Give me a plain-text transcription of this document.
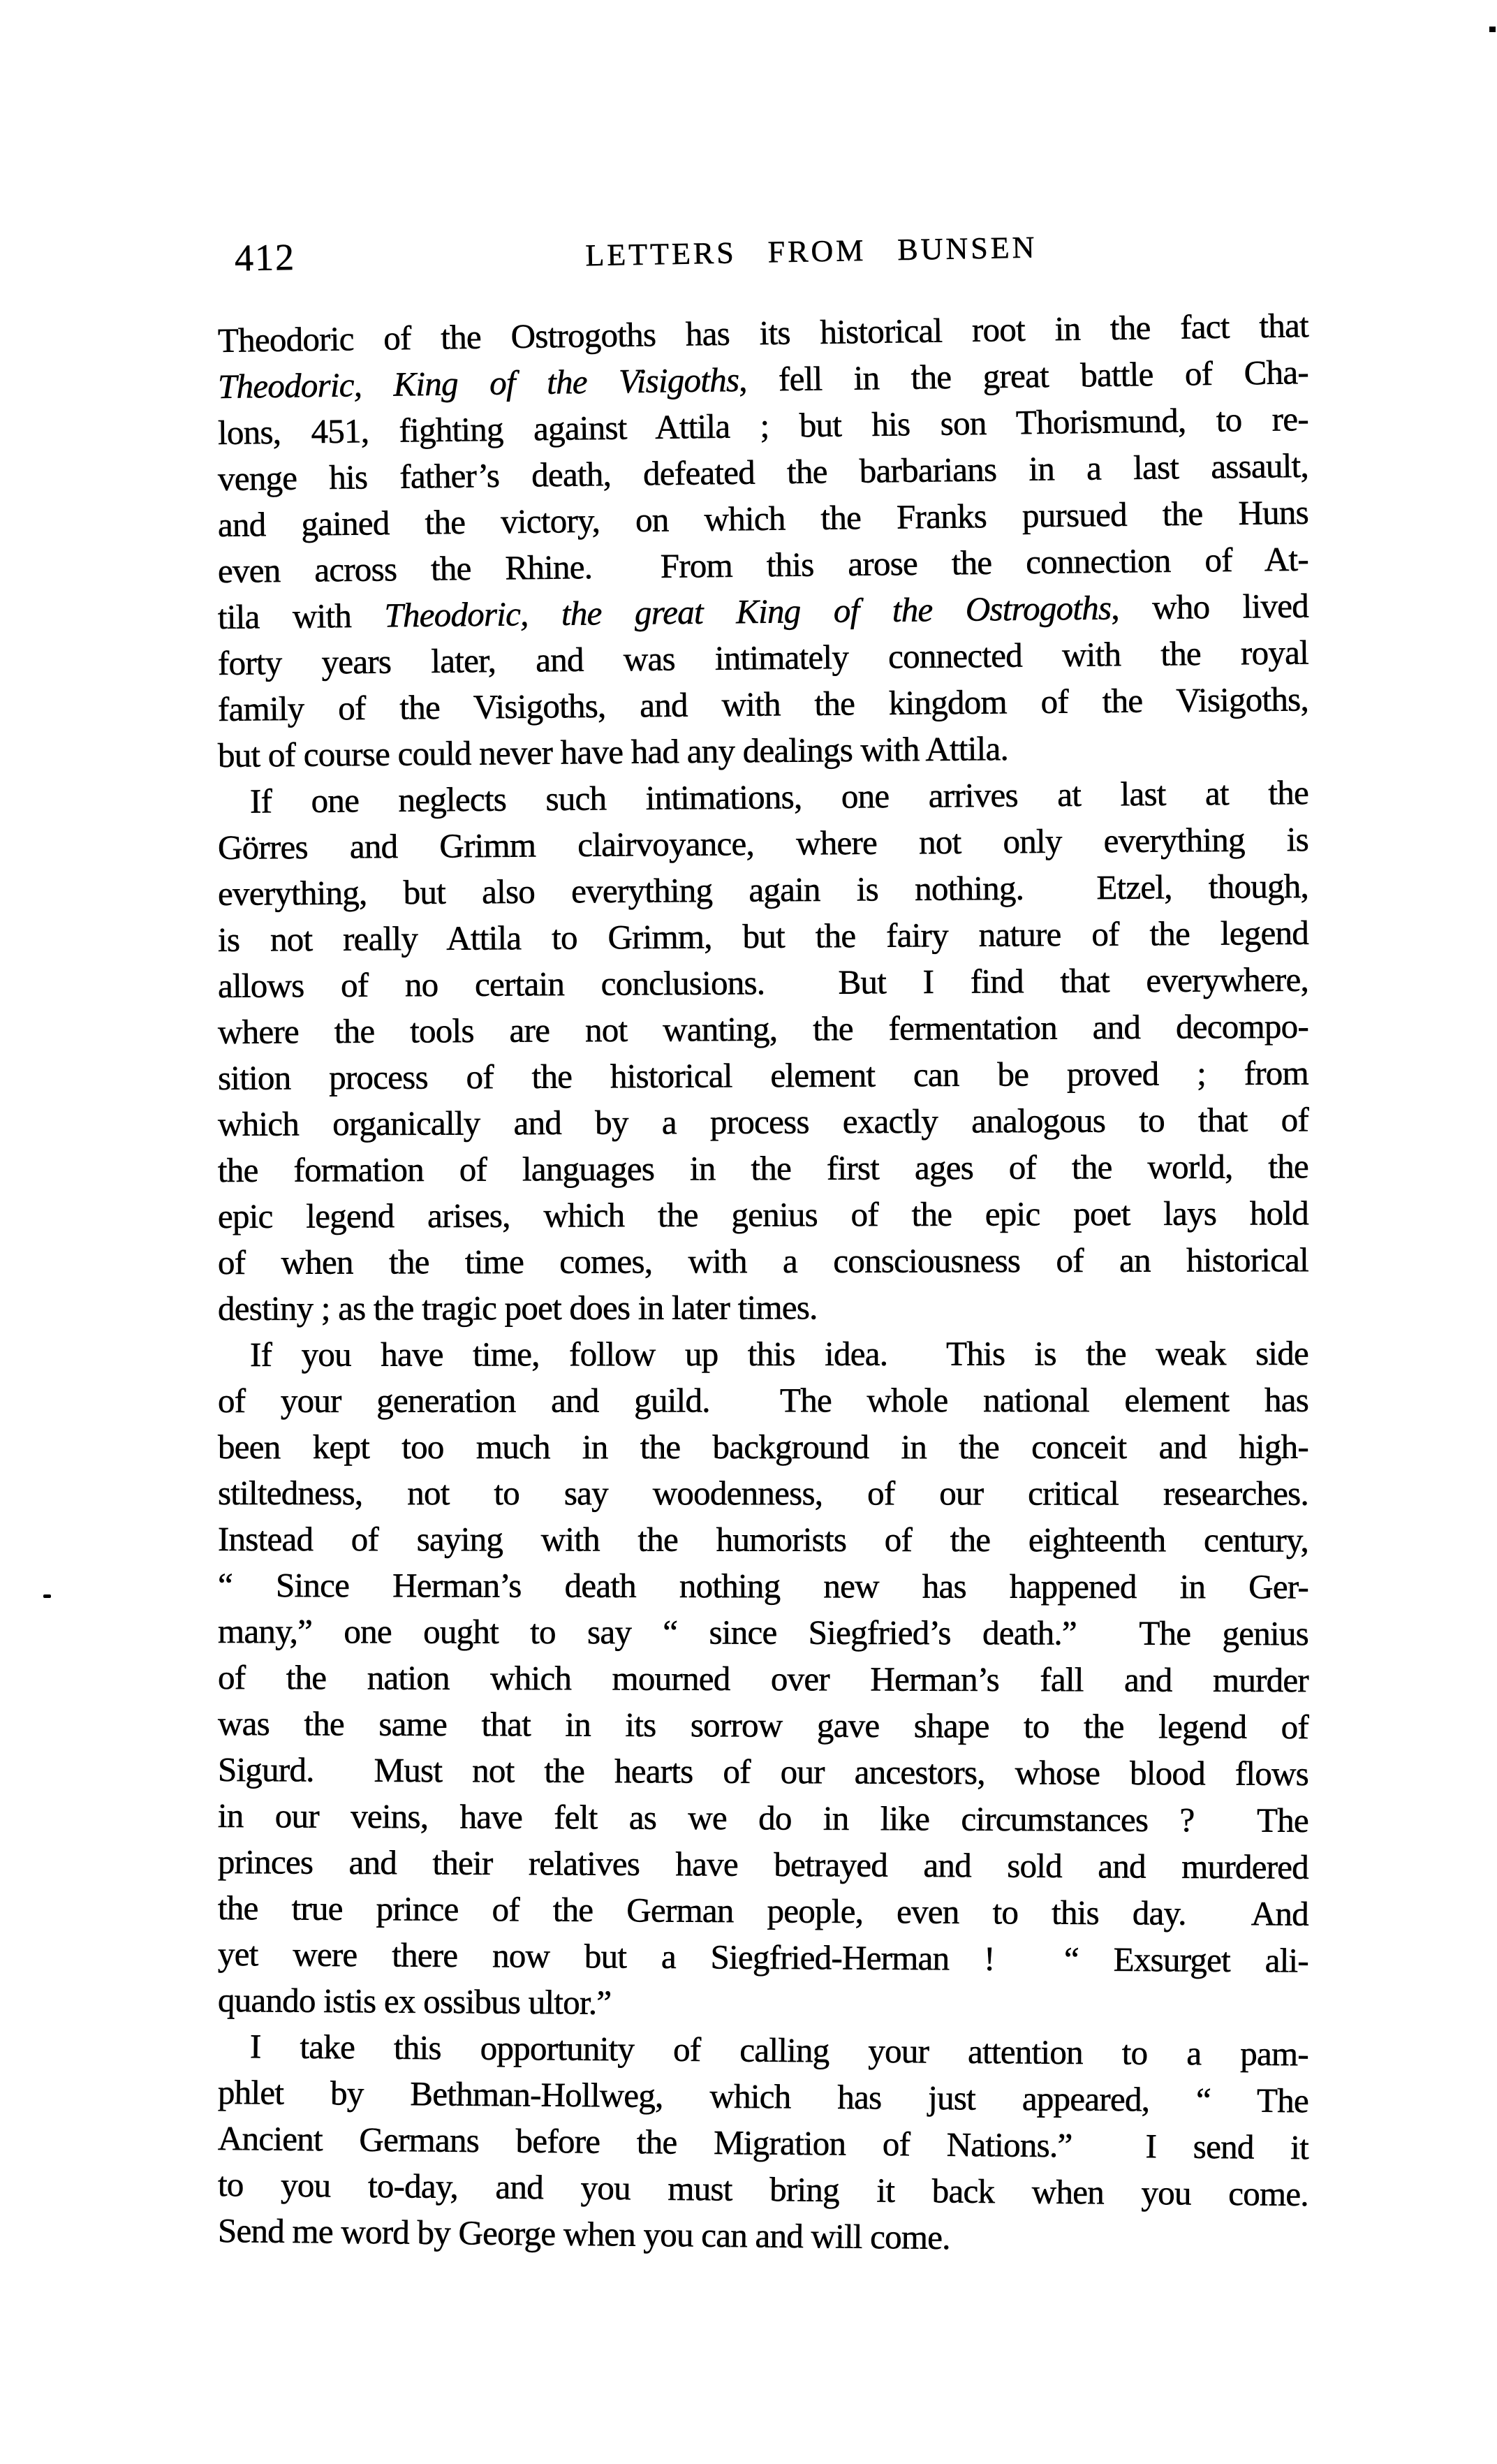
412	LETTERS FROM BUNSEN
Theodoric of the Ostrogoths has its historical root in the fact that
Theodoric, King of the Visigoths, fell in the great battle of Cha-
lons, 451, fighting against Attila ; but his son Thorismund, to re-
venge his father’s death, defeated the barbarians in a last assault,
and gained the victory, on which the Franks pursued the Huns
even across the Rhine.  From this arose the connection of At-
tila with Theodoric, the great King of the Ostrogoths, who lived
forty years later, and was intimately connected with the royal
family of the Visigoths, and with the kingdom of the Visigoths,
but of course could never have had any dealings with Attila.
If one neglects such intimations, one arrives at last at the
Görres and Grimm clairvoyance, where not only everything is
everything, but also everything again is nothing.  Etzel, though,
is not really Attila to Grimm, but the fairy nature of the legend
allows of no certain conclusions.  But I find that everywhere,
where the tools are not wanting, the fermentation and decompo-
sition process of the historical element can be proved ; from
which organically and by a process exactly analogous to that of
the formation of languages in the first ages of the world, the
epic legend arises, which the genius of the epic poet lays hold
of when the time comes, with a consciousness of an historical
destiny ; as the tragic poet does in later times.
If you have time, follow up this idea.  This is the weak side
of your generation and guild.  The whole national element has
been kept too much in the background in the conceit and high-
stiltedness, not to say woodenness, of our critical researches.
Instead of saying with the humorists of the eighteenth century,
“ Since Herman’s death nothing new has happened in Ger-
many,” one ought to say “ since Siegfried’s death.”  The genius
of the nation which mourned over Herman’s fall and murder
was the same that in its sorrow gave shape to the legend of
Sigurd.  Must not the hearts of our ancestors, whose blood flows
in our veins, have felt as we do in like circumstances ?  The
princes and their relatives have betrayed and sold and murdered
the true prince of the German people, even to this day.  And
yet were there now but a Siegfried-Herman !  “ Exsurget ali-
quando istis ex ossibus ultor.”
I take this opportunity of calling your attention to a pam-
phlet by Bethman-Hollweg, which has just appeared, “ The
Ancient Germans before the Migration of Nations.”  I send it
to you to-day, and you must bring it back when you come.
Send me word by George when you can and will come.
